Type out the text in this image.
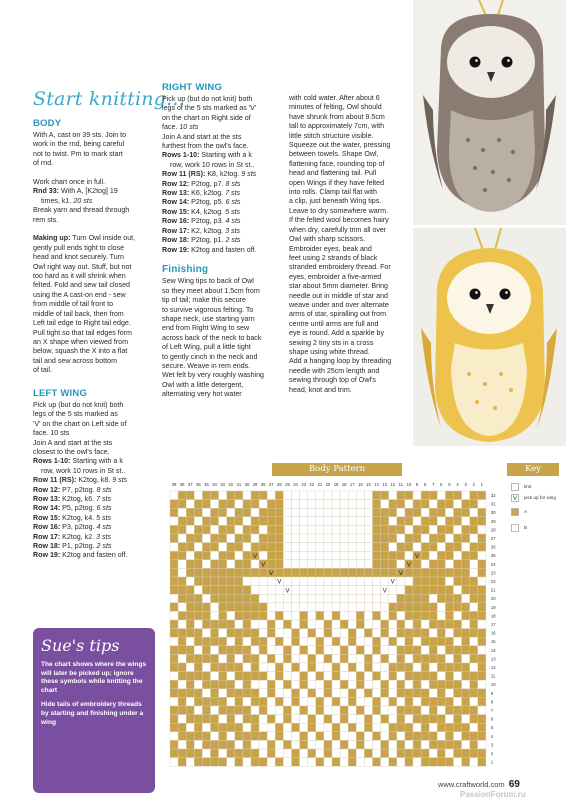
Start knitting...
BODY

With A, cast on 39 sts. Join to

work in the rnd, being careful

not to twist. Pm to mark start

of rnd.

Work chart once in full.

Rnd 33: With A, [K2tog] 19

times, k1. 20 sts

Break yarn and thread through

rem sts.

Making up: Turn Owl inside out,

gently pull ends tight to close

head and knot securely. Turn

Owl right way out. Stuff, but not

too hard as it will shrink when

felted. Fold and sew tail closed

using the A cast-on end - sew

from middle of tail front to

middle of tail back, then from

Left tail edge to Right tail edge.

Pull tight so that tail edges form

an X shape when viewed from

below, squash the X into a flat

tail and sew across bottom

of tail.

LEFT WING

Pick up (but do not knit) both

legs of the 5 sts marked as

'V' on the chart on Left side of

face. 10 sts

Join A and start at the sts

closest to the owl's face.

Rows 1-10: Starting with a k

row, work 10 rows in St st..

Row 11 (RS): K2tog, k8. 9 sts

Row 12: P7, p2tog. 8 sts

Row 13: K2tog, k6. 7 sts

Row 14: P5, p2tog. 6 sts

Row 15: K2tog, k4. 5 sts

Row 16: P3, p2tog. 4 sts

Row 17: K2tog, k2. 3 sts

Row 18: P1, p2tog. 2 sts

Row 19: K2tog and fasten off.

RIGHT WING

Pick up (but do not knit) both

legs of the 5 sts marked as 'V'

on the chart on Right side of

face. 10 sts

Join A and start at the sts

furthest from the owl's face.

Rows 1-10: Starting with a k

row, work 10 rows in St st..

Row 11 (RS): K8, k2tog. 9 sts

Row 12: P2tog, p7. 8 sts

Row 13: K6, k2tog. 7 sts

Row 14: P2tog, p5. 6 sts

Row 15: K4, k2tog. 5 sts

Row 16: P2tog, p3. 4 sts

Row 17: K2, k2tog. 3 sts

Row 18: P2tog, p1. 2 sts

Row 19: K2tog and fasten off.

Finishing

Sew Wing tips to back of Owl

so they meet about 1.5cm from

tip of tail; make this secure

to survive vigorous felting. To

shape neck, use starting yarn

end from Right Wing to sew

across back of the neck to back

of Left Wing, pull a little tight

to gently cinch in the neck and

secure. Weave in rem ends.

Wet felt by very roughly washing

Owl with a little detergent,

alternating very hot water

with cold water. After about 6

minutes of felting, Owl should

have shrunk from about 9.5cm

tall to approximately 7cm, with

little stitch structure visible.

Squeeze out the water, pressing

between towels. Shape Owl,

flattening face, rounding top of

head and flattening tail. Pull

open Wings if they have felted

into rolls. Clamp tail flat with

a clip, just beneath Wing tips.

Leave to dry somewhere warm.

If the felted wool becomes hairy

when dry, carefully trim all over

Owl with sharp scissors.

Embroider eyes, beak and

feet using 2 strands of black

stranded embroidery thread. For

eyes, embroider a five-armed

star about 5mm diameter. Bring

needle out in middle of star and

weave under and over alternate

arms of star, spiralling out from

centre until arms are full and

eye is round. Add a sparkle by

sewing 2 tiny sts in a cross

shape using white thread.

Add a hanging loop by threading

needle with 25cm length and

sewing through top of Owl's

head, knot and trim.

Body Pattern	Key
39 38 37 36 35 34 33 32 31 30 29 28 27 26 25 24 23 22 21 20 19 18 17 16 15 14 13 12 11 10 9 8 7 6 5 4 3 2 1
32
31
30
29
28
27
26
25
24
23
22
21
20
19
18
17
16
15
14
13
12
11
10
9
8
7
6
5
4
3
2
1
V
V
V
V
V
V
V
V
V
V
knit
V	pick up for wing
A
B
Sue's tips

The chart shows where the wings will later be picked up; ignore these symbols while knitting the chart

Hide tails of embroidery threads by starting and finishing under a wing

www.craftworld.com 69
PassionForum.ru
